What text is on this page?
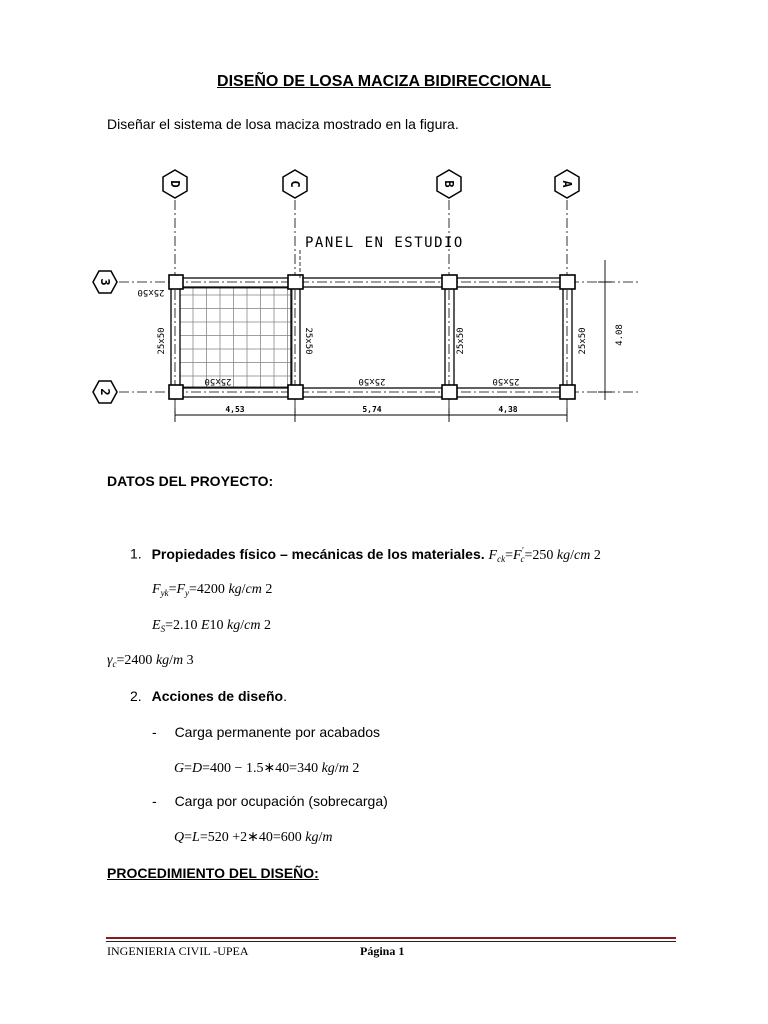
DISEÑO DE LOSA MACIZA BIDIRECCIONAL
Diseñar el sistema de losa maciza mostrado en la figura.
D	C	B	A
3
2
PANEL EN ESTUDIO
25x50
25x50	25x50	25x50
25x50	25x50	25x50	25x50
4,53	5,74	4,38
4.08
DATOS DEL PROYECTO:
1. Propiedades físico – mecánicas de los materiales. $F_{ck}=F'_c=250$ kg/cm 2
$F_{yk}=F_y=4200$ kg/cm 2
$E_S=2.10$ E10 kg/cm 2
$\gamma_c=2400$ kg/m 3
2. Acciones de diseño.
- Carga permanente por acabados
G=D=400 − 1.5∗40=340 kg/m 2
- Carga por ocupación (sobrecarga)
Q=L=520 +2∗40=600 kg/m
PROCEDIMIENTO DEL DISEÑO:
INGENIERIA CIVIL -UPEA	Página 1
